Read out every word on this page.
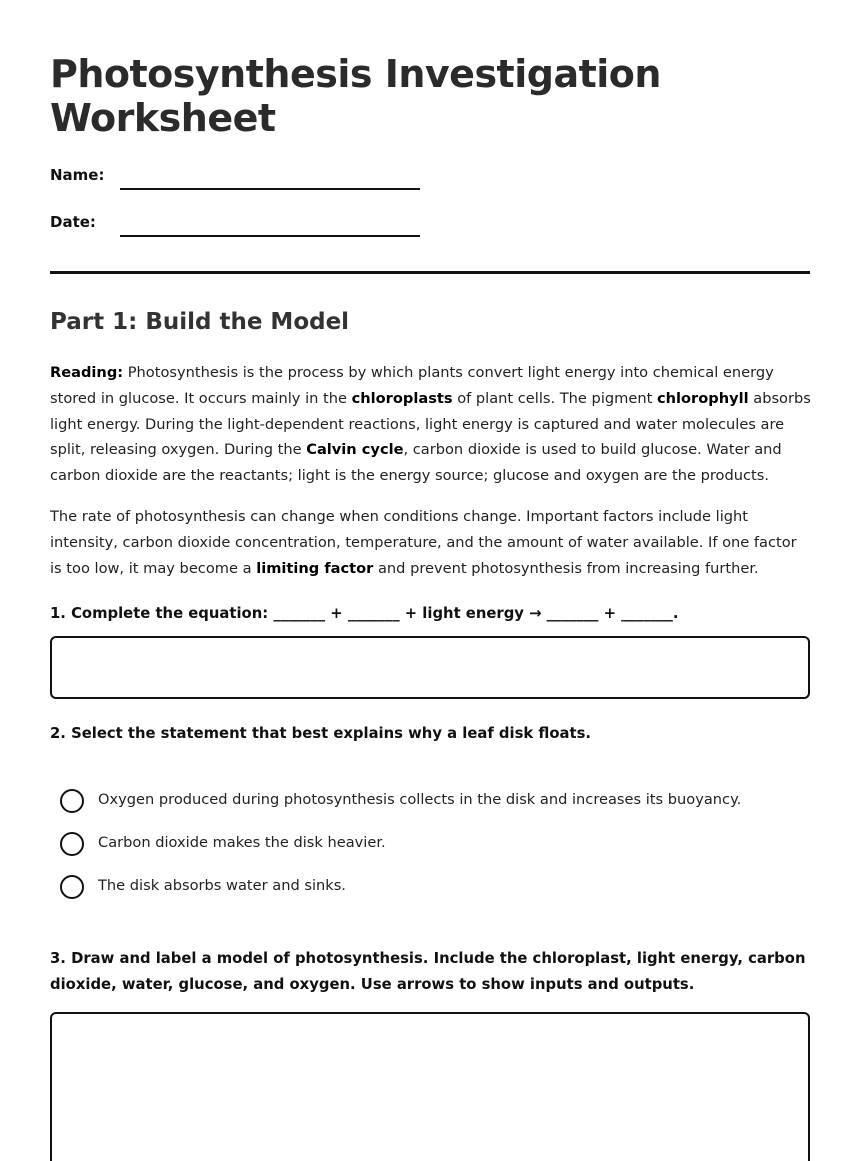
Photosynthesis Investigation Worksheet
Name:
Date:
Part 1: Build the Model

Reading: Photosynthesis is the process by which plants convert light energy into chemical energy stored in glucose. It occurs mainly in the chloroplasts of plant cells. The pigment chlorophyll absorbs light energy. During the light-dependent reactions, light energy is captured and water molecules are split, releasing oxygen. During the Calvin cycle, carbon dioxide is used to build glucose. Water and carbon dioxide are the reactants; light is the energy source; glucose and oxygen are the products.

The rate of photosynthesis can change when conditions change. Important factors include light intensity, carbon dioxide concentration, temperature, and the amount of water available. If one factor is too low, it may become a limiting factor and prevent photosynthesis from increasing further.

1. Complete the equation: _______ + _______ + light energy → _______ + _______.

2. Select the statement that best explains why a leaf disk floats.

Oxygen produced during photosynthesis collects in the disk and increases its buoyancy.
Carbon dioxide makes the disk heavier.
The disk absorbs water and sinks.

3. Draw and label a model of photosynthesis. Include the chloroplast, light energy, carbon dioxide, water, glucose, and oxygen. Use arrows to show inputs and outputs.
